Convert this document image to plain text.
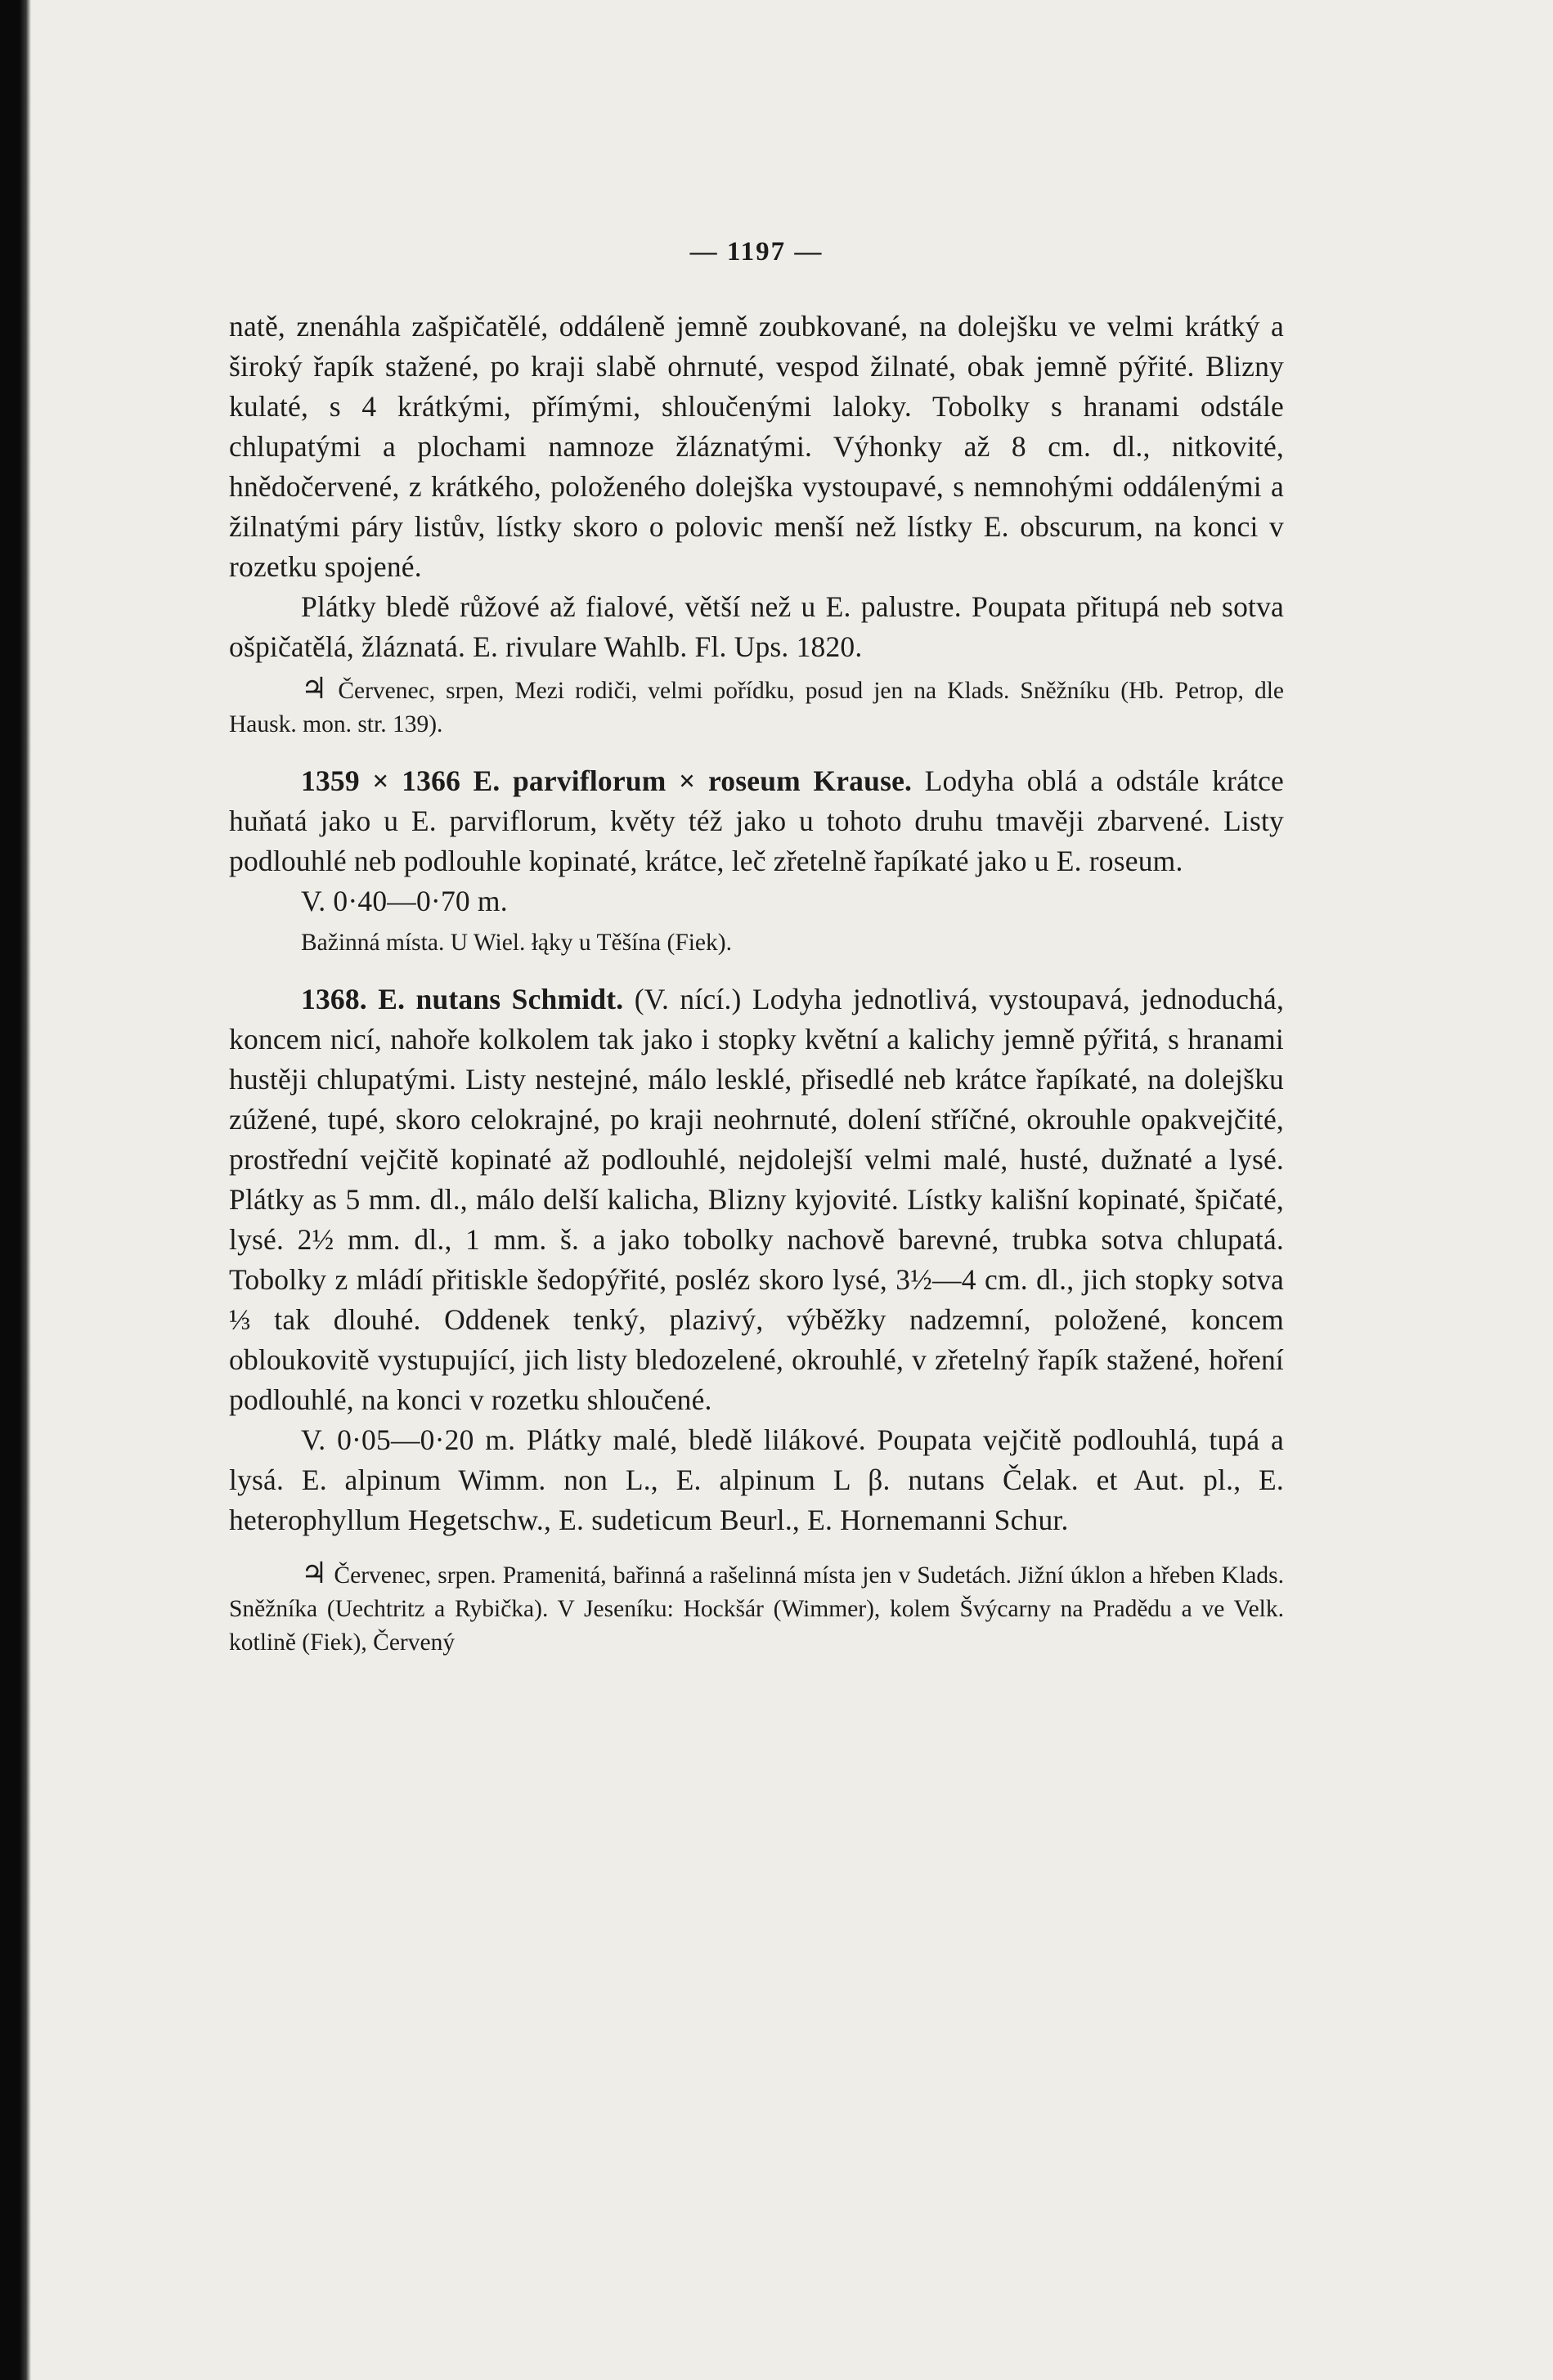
— 1197 —

natě, znenáhla zašpičatělé, oddáleně jemně zoubkované, na dolejšku ve velmi krátký a široký řapík stažené, po kraji slabě ohrnuté, vespod žilnaté, obak jemně pýřité. Blizny kulaté, s 4 krátkými, přímými, shloučenými laloky. Tobolky s hranami odstále chlupatými a plochami namnoze žláznatými. Výhonky až 8 cm. dl., nitkovité, hnědočervené, z krátkého, položeného dolejška vystoupavé, s nemnohými oddálenými a žilnatými páry listův, lístky skoro o polovic menší než lístky E. obscurum, na konci v rozetku spojené.

Plátky bledě růžové až fialové, větší než u E. palustre. Poupata přitupá neb sotva ošpičatělá, žláznatá. E. rivulare Wahlb. Fl. Ups. 1820.

♃ Červenec, srpen, Mezi rodiči, velmi pořídku, posud jen na Klads. Sněžníku (Hb. Petrop, dle Hausk. mon. str. 139).

1359 × 1366 E. parviflorum × roseum Krause. Lodyha oblá a odstále krátce huňatá jako u E. parviflorum, květy též jako u tohoto druhu tmavěji zbarvené. Listy podlouhlé neb podlouhle kopinaté, krátce, leč zřetelně řapíkaté jako u E. roseum.

V. 0·40—0·70 m.

Bažinná místa. U Wiel. łąky u Těšína (Fiek).

1368. E. nutans Schmidt. (V. nící.) Lodyha jednotlivá, vystoupavá, jednoduchá, koncem nicí, nahoře kolkolem tak jako i stopky květní a kalichy jemně pýřitá, s hranami hustěji chlupatými. Listy nestejné, málo lesklé, přisedlé neb krátce řapíkaté, na dolejšku zúžené, tupé, skoro celokrajné, po kraji neohrnuté, dolení stříčné, okrouhle opakvejčité, prostřední vejčitě kopinaté až podlouhlé, nejdolejší velmi malé, husté, dužnaté a lysé. Plátky as 5 mm. dl., málo delší kalicha, Blizny kyjovité. Lístky kališní kopinaté, špičaté, lysé. 2½ mm. dl., 1 mm. š. a jako tobolky nachově barevné, trubka sotva chlupatá. Tobolky z mládí přitiskle šedopýřité, posléz skoro lysé, 3½—4 cm. dl., jich stopky sotva ⅓ tak dlouhé. Oddenek tenký, plazivý, výběžky nadzemní, položené, koncem obloukovitě vystupující, jich listy bledozelené, okrouhlé, v zřetelný řapík stažené, hoření podlouhlé, na konci v rozetku shloučené.

V. 0·05—0·20 m. Plátky malé, bledě lilákové. Poupata vejčitě podlouhlá, tupá a lysá. E. alpinum Wimm. non L., E. alpinum L β. nutans Čelak. et Aut. pl., E. heterophyllum Hegetschw., E. sudeticum Beurl., E. Hornemanni Schur.

♃ Červenec, srpen. Pramenitá, bařinná a rašelinná místa jen v Sudetách. Jižní úklon a hřeben Klads. Sněžníka (Uechtritz a Rybička). V Jeseníku: Hockšár (Wimmer), kolem Švýcarny na Pradědu a ve Velk. kotlině (Fiek), Červený
